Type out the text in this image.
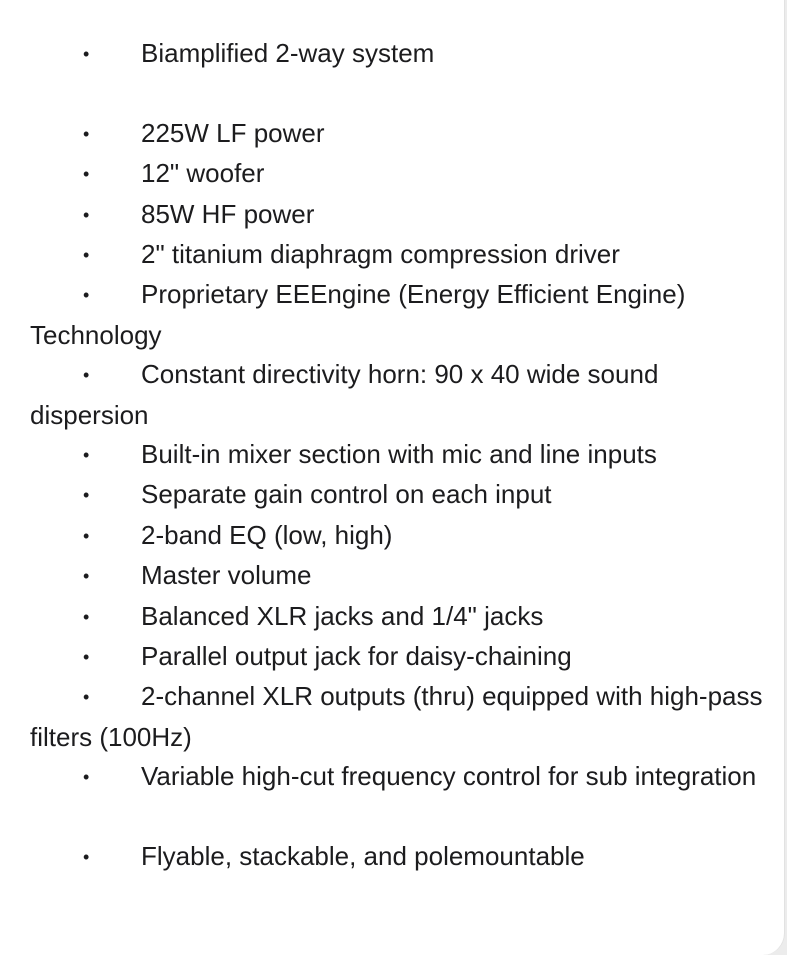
• Biamplified 2-way system
• 225W LF power
• 12" woofer
• 85W HF power
• 2" titanium diaphragm compression driver
• Proprietary EEEngine (Energy Efficient Engine) Technology
• Constant directivity horn: 90 x 40 wide sound dispersion
• Built-in mixer section with mic and line inputs
• Separate gain control on each input
• 2-band EQ (low, high)
• Master volume
• Balanced XLR jacks and 1/4" jacks
• Parallel output jack for daisy-chaining
• 2-channel XLR outputs (thru) equipped with high-pass filters (100Hz)
• Variable high-cut frequency control for sub integration
• Flyable, stackable, and polemountable
